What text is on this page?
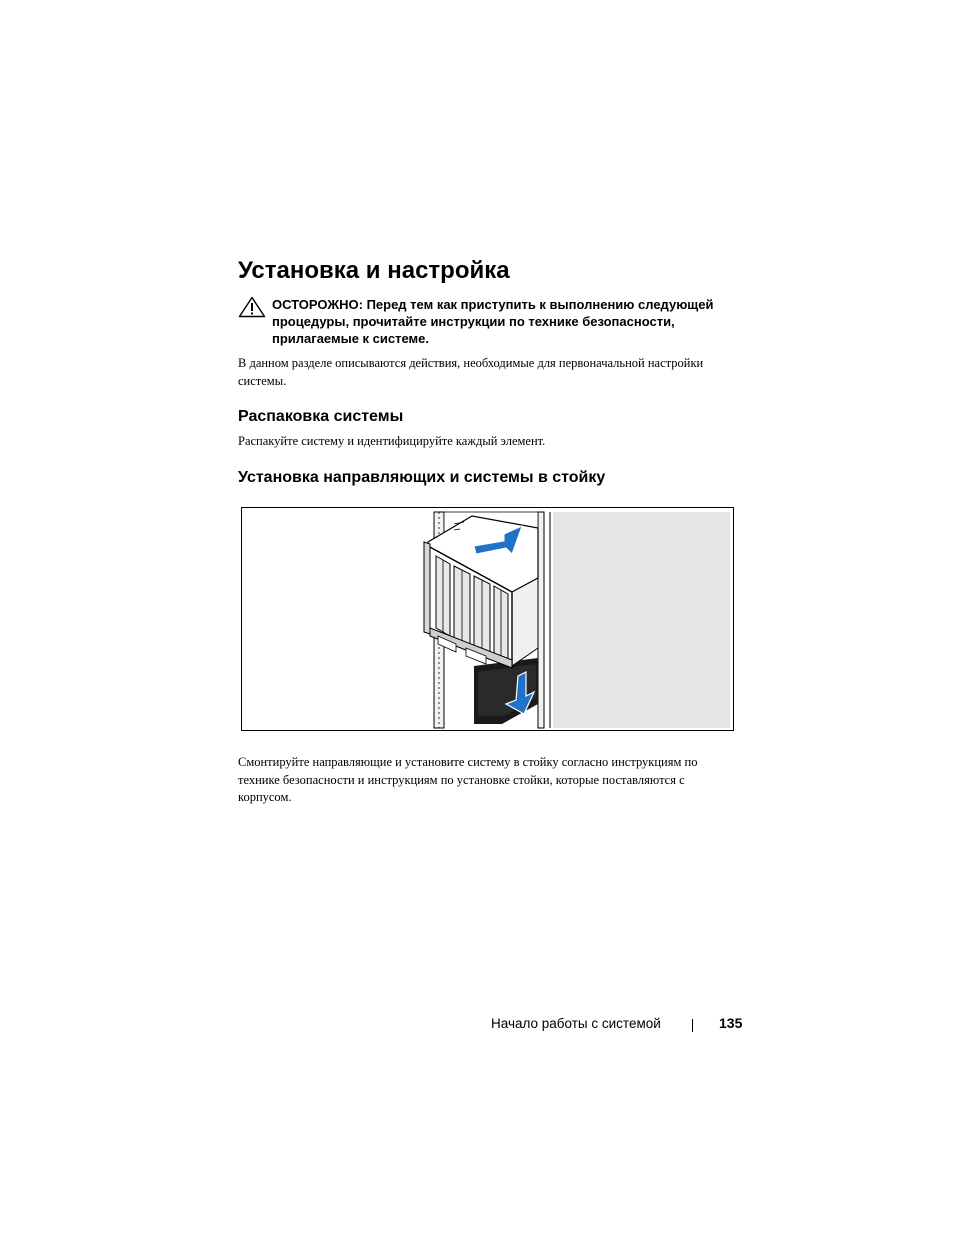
Установка и настройка
ОСТОРОЖНО: Перед тем как приступить к выполнению следующей процедуры, прочитайте инструкции по технике безопасности, прилагаемые к системе.
В данном разделе описываются действия, необходимые для первоначальной настройки системы.
Распаковка системы
Распакуйте систему и идентифицируйте каждый элемент.
Установка направляющих и системы в стойку
Смонтируйте направляющие и установите систему в стойку согласно инструкциям по технике безопасности и инструкциям по установке стойки, которые поставляются с корпусом.
Начало работы с системой	135
